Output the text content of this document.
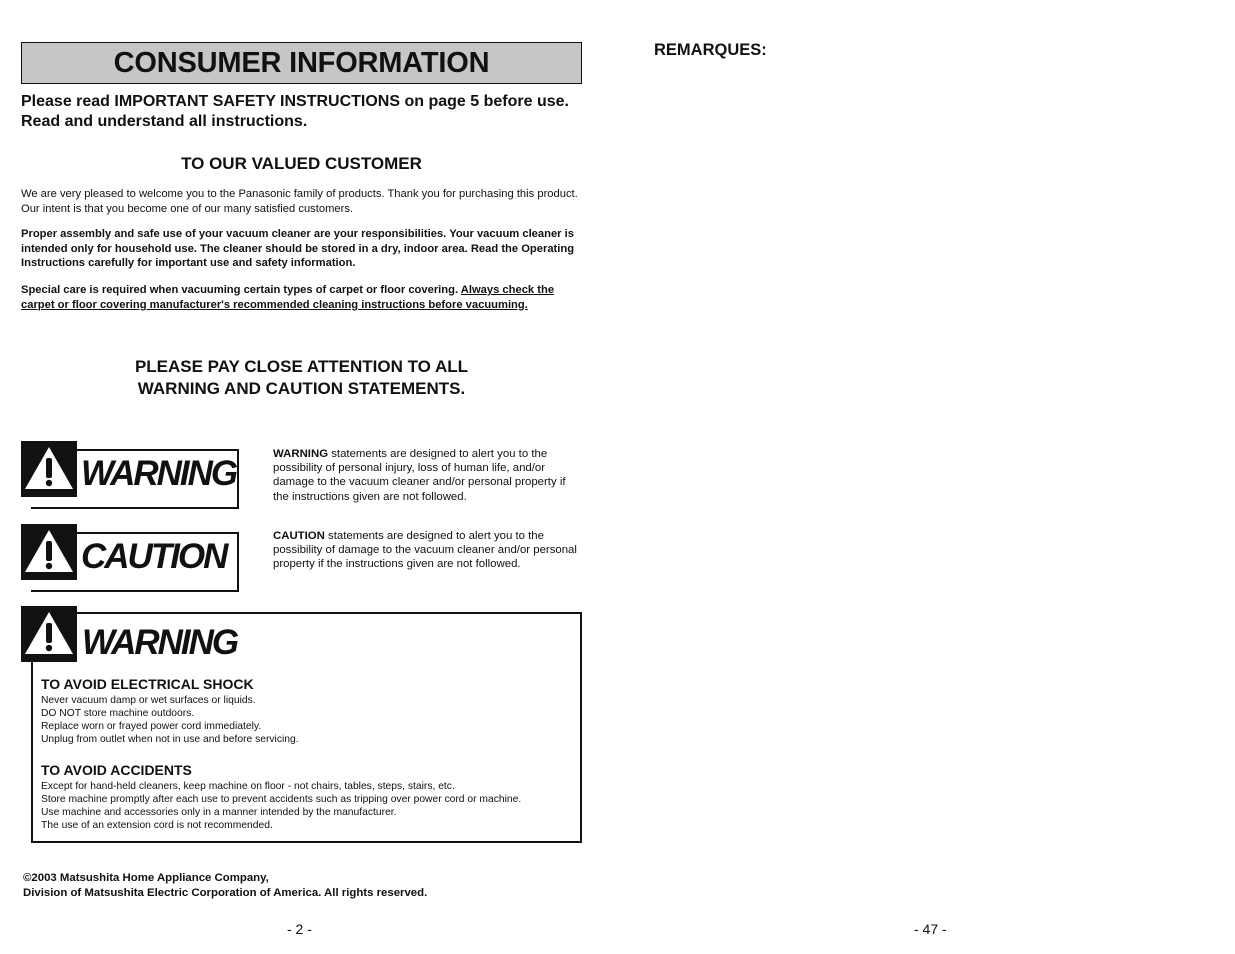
CONSUMER INFORMATION
Please read IMPORTANT SAFETY INSTRUCTIONS on page 5 before use. Read and understand all instructions.
TO OUR VALUED CUSTOMER
We are very pleased to welcome you to the Panasonic family of products. Thank you for purchasing this product. Our intent is that you become one of our many satisfied customers.
Proper assembly and safe use of your vacuum cleaner are your responsibilities. Your vacuum cleaner is intended only for household use. The cleaner should be stored in a dry, indoor area. Read the Operating Instructions carefully for important use and safety information.
Special care is required when vacuuming certain types of carpet or floor covering. Always check the carpet or floor covering manufacturer's recommended cleaning instructions before vacuuming.
PLEASE PAY CLOSE ATTENTION TO ALL
WARNING AND CAUTION STATEMENTS.
WARNING	WARNING statements are designed to alert you to the possibility of personal injury, loss of human life, and/or damage to the vacuum cleaner and/or personal property if the instructions given are not followed.
CAUTION
CAUTION statements are designed to alert you to the possibility of damage to the vacuum cleaner and/or personal property if the instructions given are not followed.
WARNING
TO AVOID ELECTRICAL SHOCK
Never vacuum damp or wet surfaces or liquids.
DO NOT store machine outdoors.
Replace worn or frayed power cord immediately.
Unplug from outlet when not in use and before servicing.
TO AVOID ACCIDENTS
Except for hand-held cleaners, keep machine on floor - not chairs, tables, steps, stairs, etc.
Store machine promptly after each use to prevent accidents such as tripping over power cord or machine.
Use machine and accessories only in a manner intended by the manufacturer.
The use of an extension cord is not recommended.
©2003 Matsushita Home Appliance Company,
Division of Matsushita Electric Corporation of America. All rights reserved.
- 2 -
REMARQUES:
- 47 -
